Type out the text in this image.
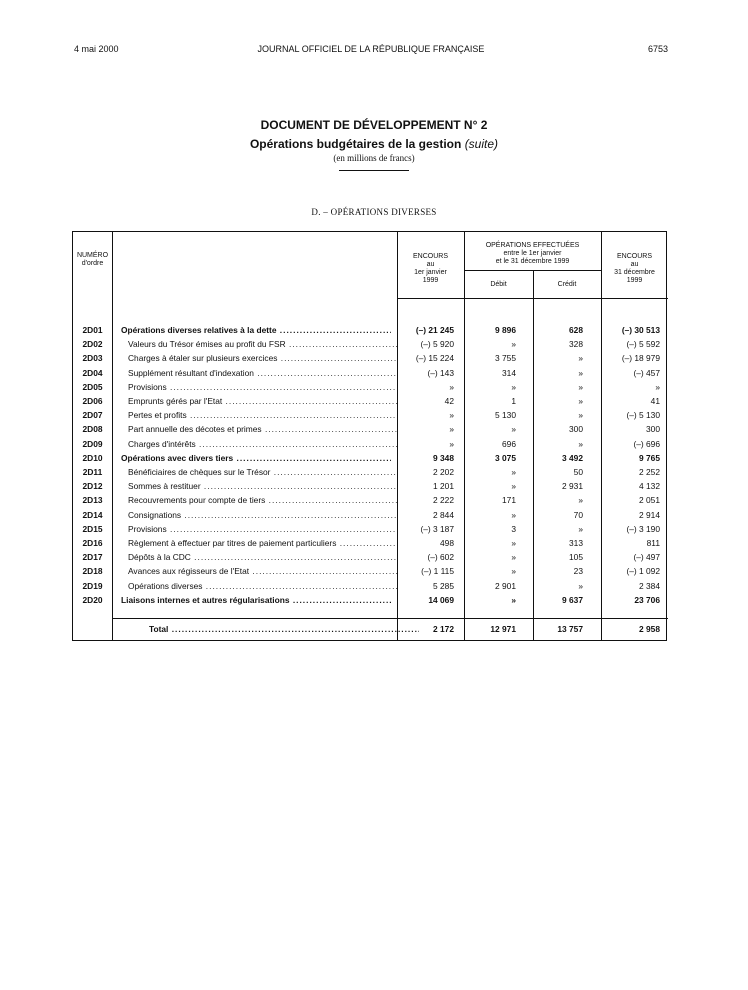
4 mai 2000	JOURNAL OFFICIEL DE LA RÉPUBLIQUE FRANÇAISE	6753
DOCUMENT DE DÉVELOPPEMENT N° 2
Opérations budgétaires de la gestion (suite)
(en millions de francs)
D. – OPÉRATIONS DIVERSES
NUMÉRO
d'ordre
ENCOURS
au
1er janvier
1999
OPÉRATIONS EFFECTUÉES
entre le 1er janvier
et le 31 décembre 1999
Débit	Crédit
ENCOURS
au
31 décembre
1999
2D01	Opérations diverses relatives à la dette .....	(–) 21 245	9 896	628	(–) 30 513
2D02	Valeurs du Trésor émises au profit du FSR .....	(–) 5 920	»	328	(–) 5 592
2D03	Charges à étaler sur plusieurs exercices .....	(–) 15 224	3 755	»	(–) 18 979
2D04	Supplément résultant d'indexation .....	(–) 143	314	»	(–) 457
2D05	Provisions .....	»	»	»	»
2D06	Emprunts gérés par l'Etat .....	42	1	»	41
2D07	Pertes et profits .....	»	5 130	»	(–) 5 130
2D08	Part annuelle des décotes et primes .....	»	»	300	300
2D09	Charges d'intérêts .....	»	696	»	(–) 696
2D10	Opérations avec divers tiers .....	9 348	3 075	3 492	9 765
2D11	Bénéficiaires de chèques sur le Trésor .....	2 202	»	50	2 252
2D12	Sommes à restituer .....	1 201	»	2 931	4 132
2D13	Recouvrements pour compte de tiers .....	2 222	171	»	2 051
2D14	Consignations .....	2 844	»	70	2 914
2D15	Provisions .....	(–) 3 187	3	»	(–) 3 190
2D16	Règlement à effectuer par titres de paiement particuliers .....	498	»	313	811
2D17	Dépôts à la CDC .....	(–) 602	»	105	(–) 497
2D18	Avances aux régisseurs de l'Etat .....	(–) 1 115	»	23	(–) 1 092
2D19	Opérations diverses .....	5 285	2 901	»	2 384
2D20	Liaisons internes et autres régularisations .....	14 069	»	9 637	23 706
Total .....	2 172	12 971	13 757	2 958
